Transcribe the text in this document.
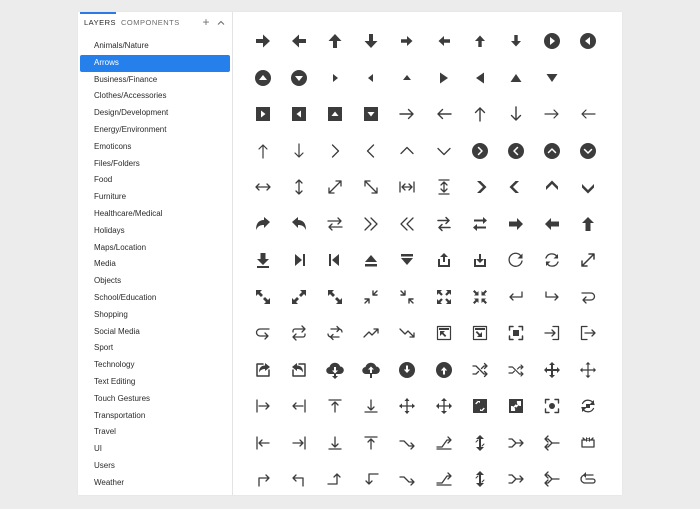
LAYERS COMPONENTS +
Animals/Nature
Arrows
Business/Finance
Clothes/Accessories
Design/Development
Energy/Environment
Emoticons
Files/Folders
Food
Furniture
Healthcare/Medical
Holidays
Maps/Location
Media
Objects
School/Education
Shopping
Social Media
Sport
Technology
Text Editing
Touch Gestures
Transportation
Travel
UI
Users
Weather
